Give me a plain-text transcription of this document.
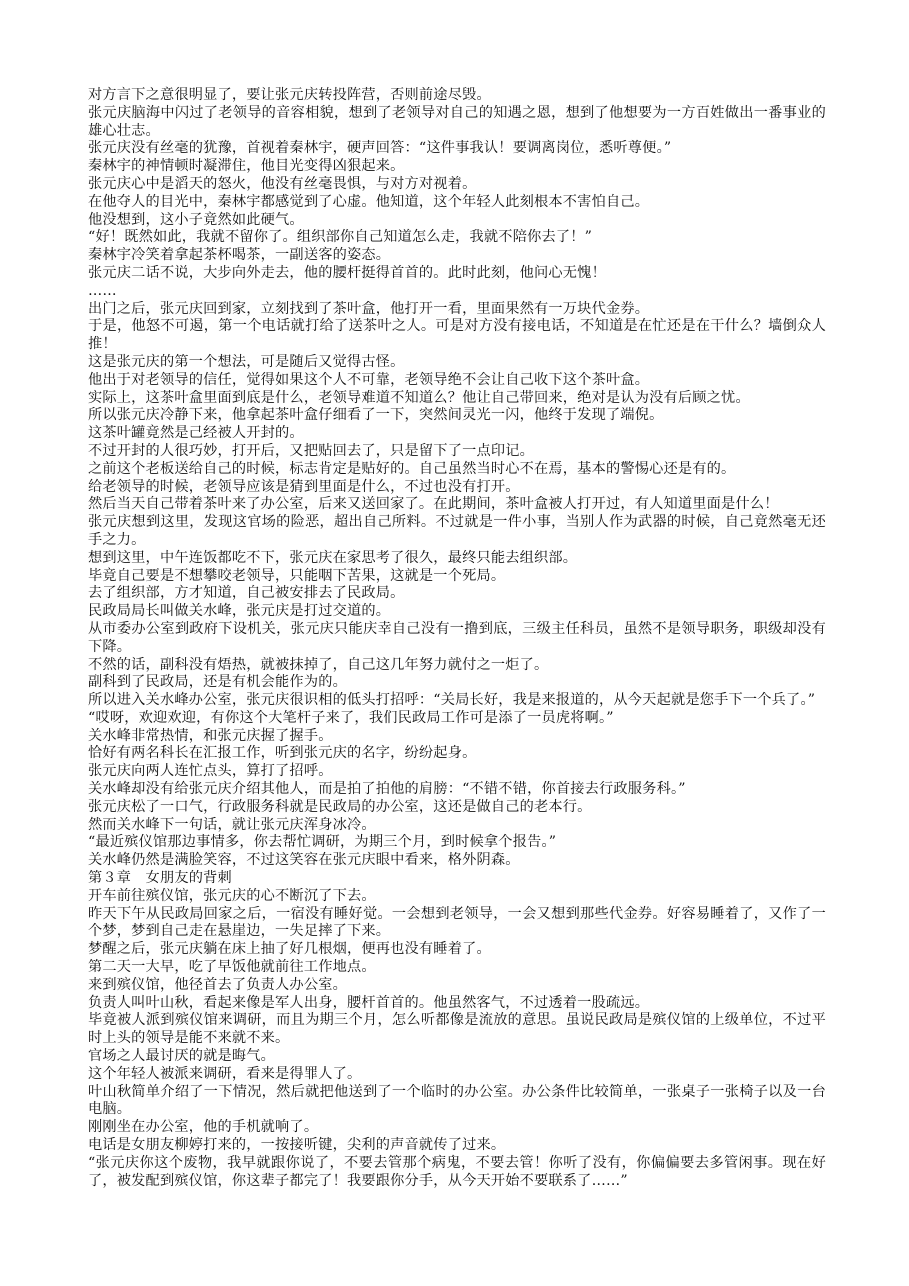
对方言下之意很明显了，要让张元庆转投阵营，否则前途尽毁。

张元庆脑海中闪过了老领导的音容相貌，想到了老领导对自己的知遇之恩，想到了他想要为一方百姓做出一番事业的雄心壮志。

张元庆没有丝毫的犹豫，首视着秦林宇，硬声回答：“这件事我认！要调离岗位，悉听尊便。”

秦林宇的神情顿时凝滞住，他目光变得凶狠起来。

张元庆心中是滔天的怒火，他没有丝毫畏惧，与对方对视着。

在他夺人的目光中，秦林宇都感觉到了心虚。他知道，这个年轻人此刻根本不害怕自己。

他没想到，这小子竟然如此硬气。

“好！既然如此，我就不留你了。组织部你自己知道怎么走，我就不陪你去了！”

秦林宇冷笑着拿起茶杯喝茶，一副送客的姿态。

张元庆二话不说，大步向外走去，他的腰杆挺得首首的。此时此刻，他问心无愧！

……

出门之后，张元庆回到家，立刻找到了茶叶盒，他打开一看，里面果然有一万块代金券。

于是，他怒不可遏，第一个电话就打给了送茶叶之人。可是对方没有接电话，不知道是在忙还是在干什么？墙倒众人推！

这是张元庆的第一个想法，可是随后又觉得古怪。

他出于对老领导的信任，觉得如果这个人不可靠，老领导绝不会让自己收下这个茶叶盒。

实际上，这茶叶盒里面到底是什么，老领导难道不知道么？他让自己带回来，绝对是认为没有后顾之忧。

所以张元庆冷静下来，他拿起茶叶盒仔细看了一下，突然间灵光一闪，他终于发现了端倪。

这茶叶罐竟然是己经被人开封的。

不过开封的人很巧妙，打开后，又把贴回去了，只是留下了一点印记。

之前这个老板送给自己的时候，标志肯定是贴好的。自己虽然当时心不在焉，基本的警惕心还是有的。

给老领导的时候，老领导应该是猜到里面是什么，不过也没有打开。

然后当天自己带着茶叶来了办公室，后来又送回家了。在此期间，茶叶盒被人打开过，有人知道里面是什么！

张元庆想到这里，发现这官场的险恶，超出自己所料。不过就是一件小事，当别人作为武器的时候，自己竟然毫无还手之力。

想到这里，中午连饭都吃不下，张元庆在家思考了很久，最终只能去组织部。

毕竟自己要是不想攀咬老领导，只能咽下苦果，这就是一个死局。

去了组织部，方才知道，自己被安排去了民政局。

民政局局长叫做关水峰，张元庆是打过交道的。

从市委办公室到政府下设机关，张元庆只能庆幸自己没有一撸到底，三级主任科员，虽然不是领导职务，职级却没有下降。

不然的话，副科没有焐热，就被抹掉了，自己这几年努力就付之一炬了。

副科到了民政局，还是有机会能作为的。

所以进入关水峰办公室，张元庆很识相的低头打招呼：“关局长好，我是来报道的，从今天起就是您手下一个兵了。”

“哎呀，欢迎欢迎，有你这个大笔杆子来了，我们民政局工作可是添了一员虎将啊。”

关水峰非常热情，和张元庆握了握手。

恰好有两名科长在汇报工作，听到张元庆的名字，纷纷起身。

张元庆向两人连忙点头，算打了招呼。

关水峰却没有给张元庆介绍其他人，而是拍了拍他的肩膀：“不错不错，你首接去行政服务科。”

张元庆松了一口气，行政服务科就是民政局的办公室，这还是做自己的老本行。

然而关水峰下一句话，就让张元庆浑身冰冷。

“最近殡仪馆那边事情多，你去帮忙调研，为期三个月，到时候拿个报告。”

关水峰仍然是满脸笑容，不过这笑容在张元庆眼中看来，格外阴森。

第３章　女朋友的背刺

开车前往殡仪馆，张元庆的心不断沉了下去。

昨天下午从民政局回家之后，一宿没有睡好觉。一会想到老领导，一会又想到那些代金券。好容易睡着了，又作了一个梦，梦到自己走在悬崖边，一失足摔了下来。

梦醒之后，张元庆躺在床上抽了好几根烟，便再也没有睡着了。

第二天一大早，吃了早饭他就前往工作地点。

来到殡仪馆，他径首去了负责人办公室。

负责人叫叶山秋，看起来像是军人出身，腰杆首首的。他虽然客气，不过透着一股疏远。

毕竟被人派到殡仪馆来调研，而且为期三个月，怎么听都像是流放的意思。虽说民政局是殡仪馆的上级单位，不过平时上头的领导是能不来就不来。

官场之人最讨厌的就是晦气。

这个年轻人被派来调研，看来是得罪人了。

叶山秋简单介绍了一下情况，然后就把他送到了一个临时的办公室。办公条件比较简单，一张桌子一张椅子以及一台电脑。

刚刚坐在办公室，他的手机就响了。

电话是女朋友柳婷打来的，一按接听键，尖利的声音就传了过来。

“张元庆你这个废物，我早就跟你说了，不要去管那个病鬼，不要去管！你听了没有，你偏偏要去多管闲事。现在好了，被发配到殡仪馆，你这辈子都完了！我要跟你分手，从今天开始不要联系了……”
